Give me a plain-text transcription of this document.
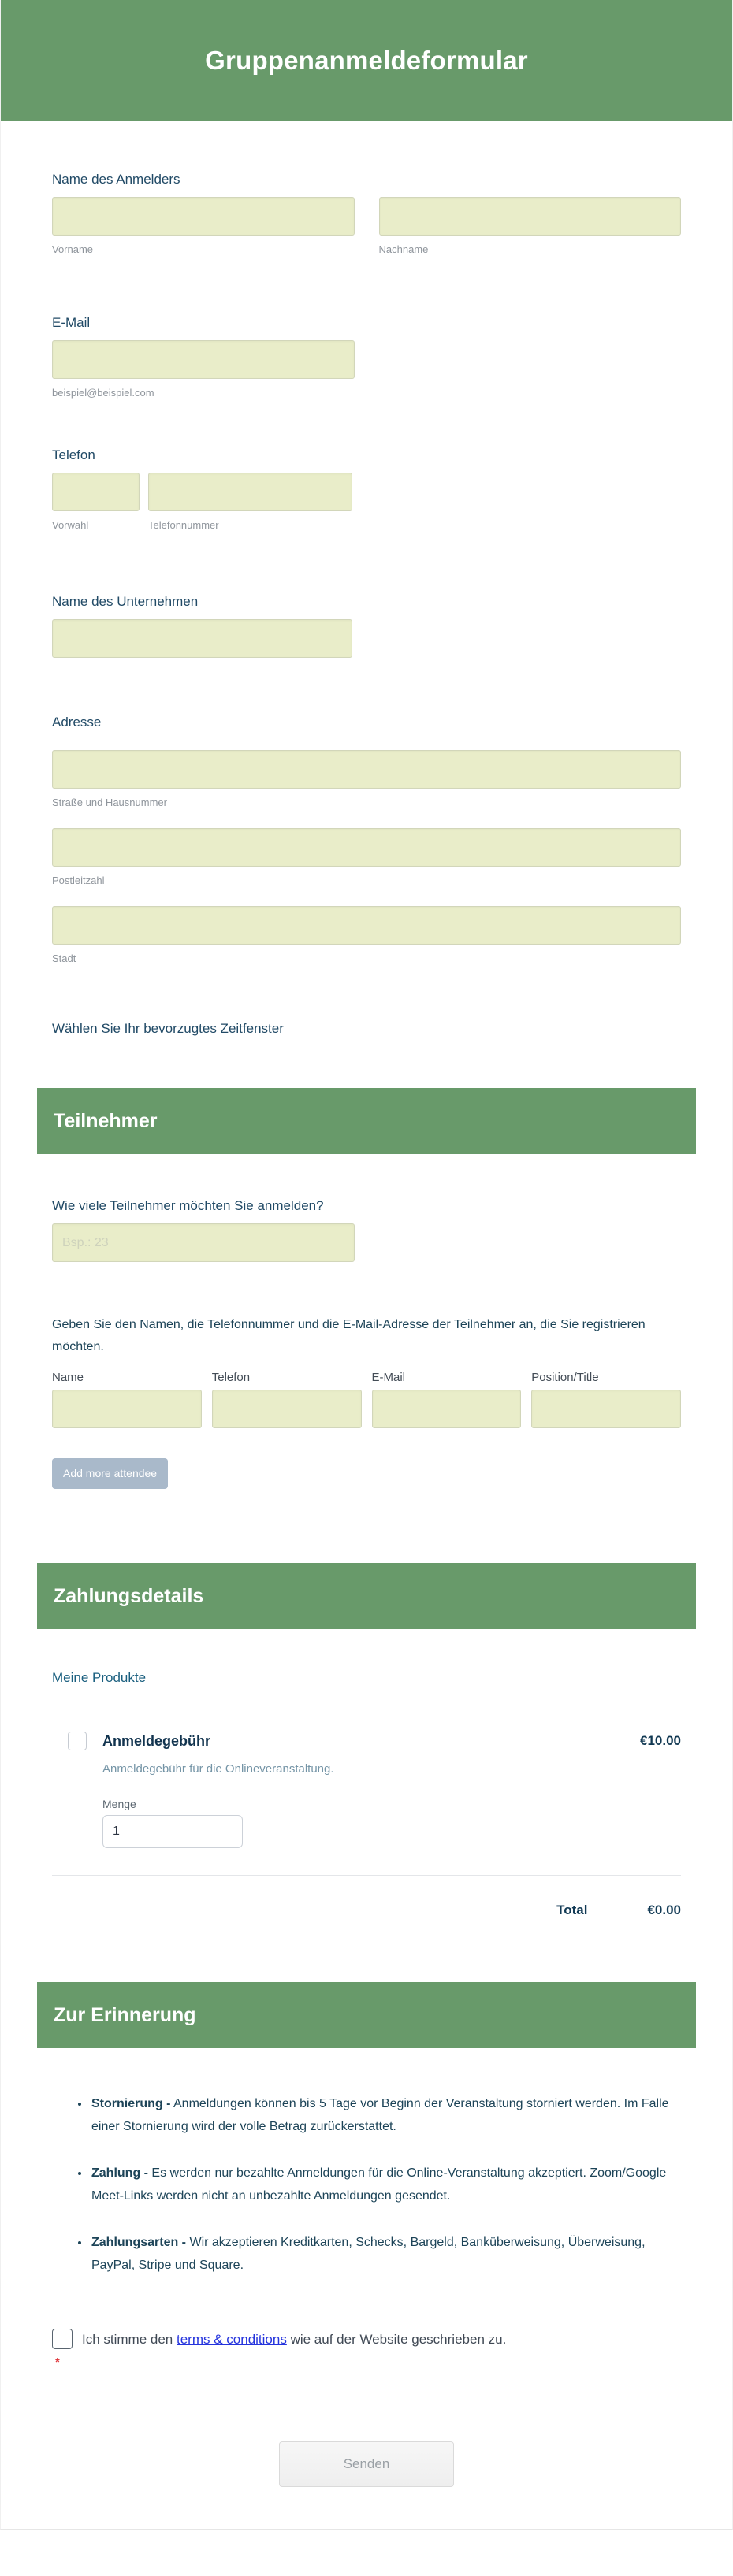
Gruppenanmeldeformular
Name des Anmelders
Vorname	Nachname
E-Mail
beispiel@beispiel.com
Telefon
Vorwahl	Telefonnummer
Name des Unternehmen
Adresse
Straße und Hausnummer
Postleitzahl
Stadt
Wählen Sie Ihr bevorzugtes Zeitfenster
Teilnehmer
Wie viele Teilnehmer möchten Sie anmelden?
Bsp.: 23

Geben Sie den Namen, die Telefonnummer und die E-Mail-Adresse der Teilnehmer an, die Sie registrieren möchten.

Name	Telefon	E-Mail	Position/Title
Add more attendee
Zahlungsdetails
Meine Produkte
Anmeldegebühr	€10.00
Anmeldegebühr für die Onlineveranstaltung.
Menge
1
Total	€0.00
Zur Erinnerung
• Stornierung - Anmeldungen können bis 5 Tage vor Beginn der Veranstaltung storniert werden. Im Falle einer Stornierung wird der volle Betrag zurückerstattet.
• Zahlung - Es werden nur bezahlte Anmeldungen für die Online-Veranstaltung akzeptiert. Zoom/Google Meet-Links werden nicht an unbezahlte Anmeldungen gesendet.
• Zahlungsarten - Wir akzeptieren Kreditkarten, Schecks, Bargeld, Banküberweisung, Überweisung, PayPal, Stripe und Square.
Ich stimme den terms & conditions wie auf der Website geschrieben zu.
*
Senden
